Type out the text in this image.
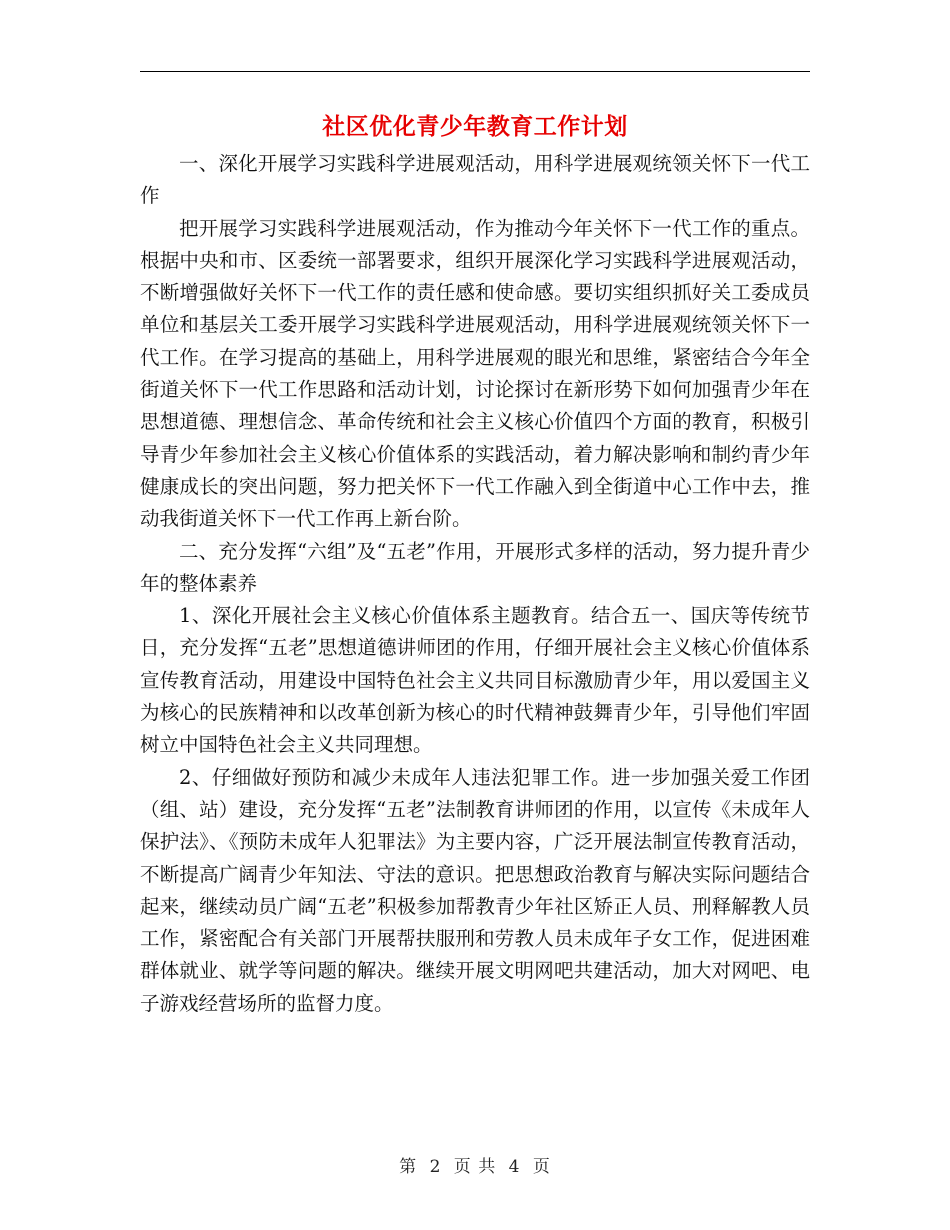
社区优化青少年教育工作计划

一、深化开展学习实践科学进展观活动，用科学进展观统领关怀下一代工作

把开展学习实践科学进展观活动，作为推动今年关怀下一代工作的重点。根据中央和市、区委统一部署要求，组织开展深化学习实践科学进展观活动，不断增强做好关怀下一代工作的责任感和使命感。要切实组织抓好关工委成员单位和基层关工委开展学习实践科学进展观活动，用科学进展观统领关怀下一代工作。在学习提高的基础上，用科学进展观的眼光和思维，紧密结合今年全街道关怀下一代工作思路和活动计划，讨论探讨在新形势下如何加强青少年在思想道德、理想信念、革命传统和社会主义核心价值四个方面的教育，积极引导青少年参加社会主义核心价值体系的实践活动，着力解决影响和制约青少年健康成长的突出问题，努力把关怀下一代工作融入到全街道中心工作中去，推动我街道关怀下一代工作再上新台阶。

二、充分发挥“六组”及“五老”作用，开展形式多样的活动，努力提升青少年的整体素养

1、深化开展社会主义核心价值体系主题教育。结合五一、国庆等传统节日，充分发挥“五老”思想道德讲师团的作用，仔细开展社会主义核心价值体系宣传教育活动，用建设中国特色社会主义共同目标激励青少年，用以爱国主义为核心的民族精神和以改革创新为核心的时代精神鼓舞青少年，引导他们牢固树立中国特色社会主义共同理想。

2、仔细做好预防和减少未成年人违法犯罪工作。进一步加强关爱工作团（组、站）建设，充分发挥“五老”法制教育讲师团的作用，以宣传《未成年人保护法》、《预防未成年人犯罪法》为主要内容，广泛开展法制宣传教育活动，不断提高广阔青少年知法、守法的意识。把思想政治教育与解决实际问题结合起来，继续动员广阔“五老”积极参加帮教青少年社区矫正人员、刑释解教人员工作，紧密配合有关部门开展帮扶服刑和劳教人员未成年子女工作，促进困难群体就业、就学等问题的解决。继续开展文明网吧共建活动，加大对网吧、电子游戏经营场所的监督力度。

第 2 页 共 4 页
